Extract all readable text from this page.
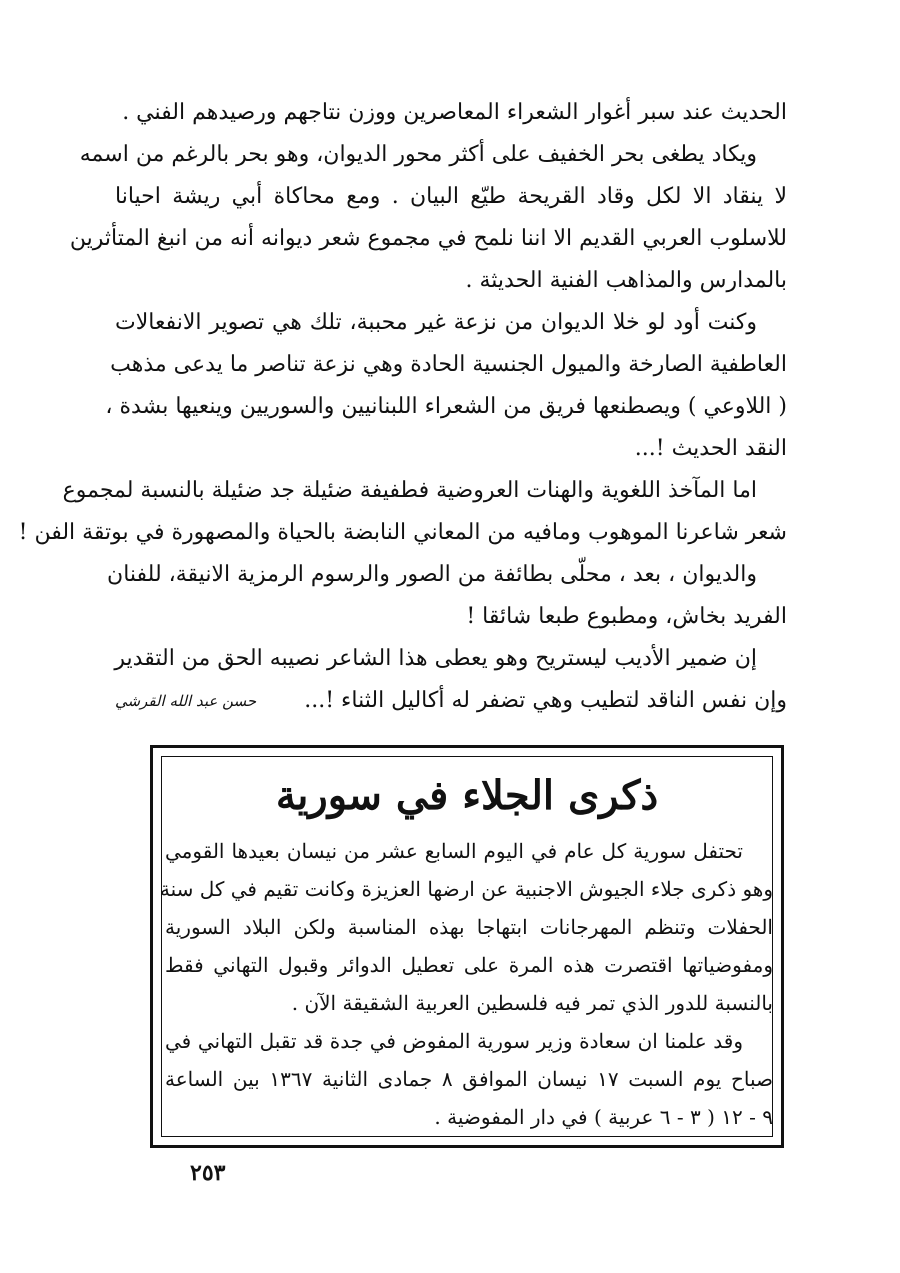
الحديث عند سبر أغوار الشعراء المعاصرين ووزن نتاجهم ورصيدهم الفني .
ويكاد يطغى بحر الخفيف على أكثر محور الديوان، وهو بحر بالرغم من اسمه
لا ينقاد الا لكل وقاد القريحة طيّع البيان . ومع محاكاة أبي ريشة احيانا
للاسلوب العربي القديم الا اننا نلمح في مجموع شعر ديوانه أنه من انبغ المتأثرين
بالمدارس والمذاهب الفنية الحديثة .
وكنت أود لو خلا الديوان من نزعة غير محببة، تلك هي تصوير الانفعالات
العاطفية الصارخة والميول الجنسية الحادة وهي نزعة تناصر ما يدعى مذهب
( اللاوعي ) ويصطنعها فريق من الشعراء اللبنانيين والسوريين وينعيها بشدة ،
النقد الحديث !...
اما المآخذ اللغوية والهنات العروضية فطفيفة ضئيلة جد ضئيلة بالنسبة لمجموع
شعر شاعرنا الموهوب ومافيه من المعاني النابضة بالحياة والمصهورة في بوتقة الفن !
والديوان ، بعد ، محلّى بطائفة من الصور والرسوم الرمزية الانيقة، للفنان
الفريد بخاش، ومطبوع طبعا شائقا !
إن ضمير الأديب ليستريح وهو يعطى هذا الشاعر نصيبه الحق من التقدير
وإن نفس الناقد لتطيب وهي تضفر له أكاليل الثناء !...
حسن عبد الله القرشي
ذكرى الجلاء في سورية
تحتفل سورية كل عام في اليوم السابع عشر من نيسان بعيدها القومي
وهو ذكرى جلاء الجيوش الاجنبية عن ارضها العزيزة وكانت تقيم في كل سنة
الحفلات وتنظم المهرجانات ابتهاجا بهذه المناسبة ولكن البلاد السورية
ومفوضياتها اقتصرت هذه المرة على تعطيل الدوائر وقبول التهاني فقط
بالنسبة للدور الذي تمر فيه فلسطين العربية الشقيقة الآن .
وقد علمنا ان سعادة وزير سورية المفوض في جدة قد تقبل التهاني في
صباح يوم السبت ١٧ نيسان الموافق ٨ جمادى الثانية ١٣٦٧ بين الساعة
٩ - ١٢ ( ٣ - ٦ عربية ) في دار المفوضية .
٢٥٣
